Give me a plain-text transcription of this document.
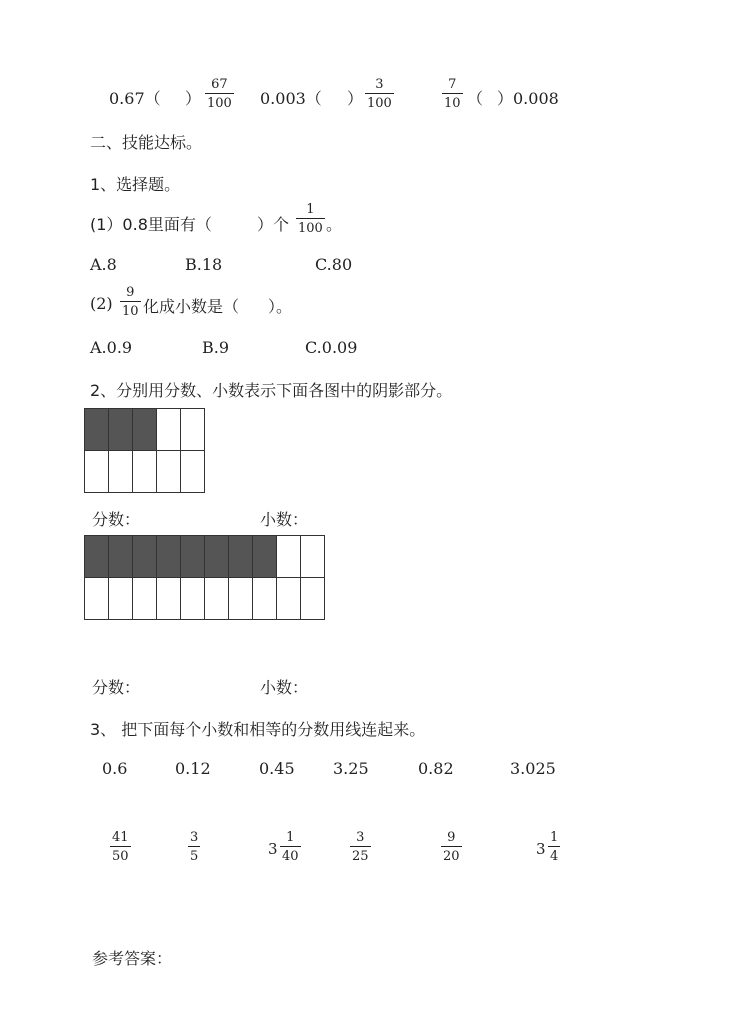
0.67（ ）
67
100 0.003（ ）
3
100
7
10 （ ）0.008
二、技能达标。
1、选择题。
(1）0.8里面有（	）个
1
100 。
A.8	B.18	C.80
(2)
9
10 化成小数是（ ）。
A.0.9	B.9	C.0.09
2、分别用分数、小数表示下面各图中的阴影部分。

分数：	小数：

分数：	小数：
3、 把下面每个小数和相等的分数用线连起来。
0.6	0.12	0.45 3.25	0.82	3.025
41
50
3
5	3
1
40
3
25
9
20	3
1
4
参考答案：
